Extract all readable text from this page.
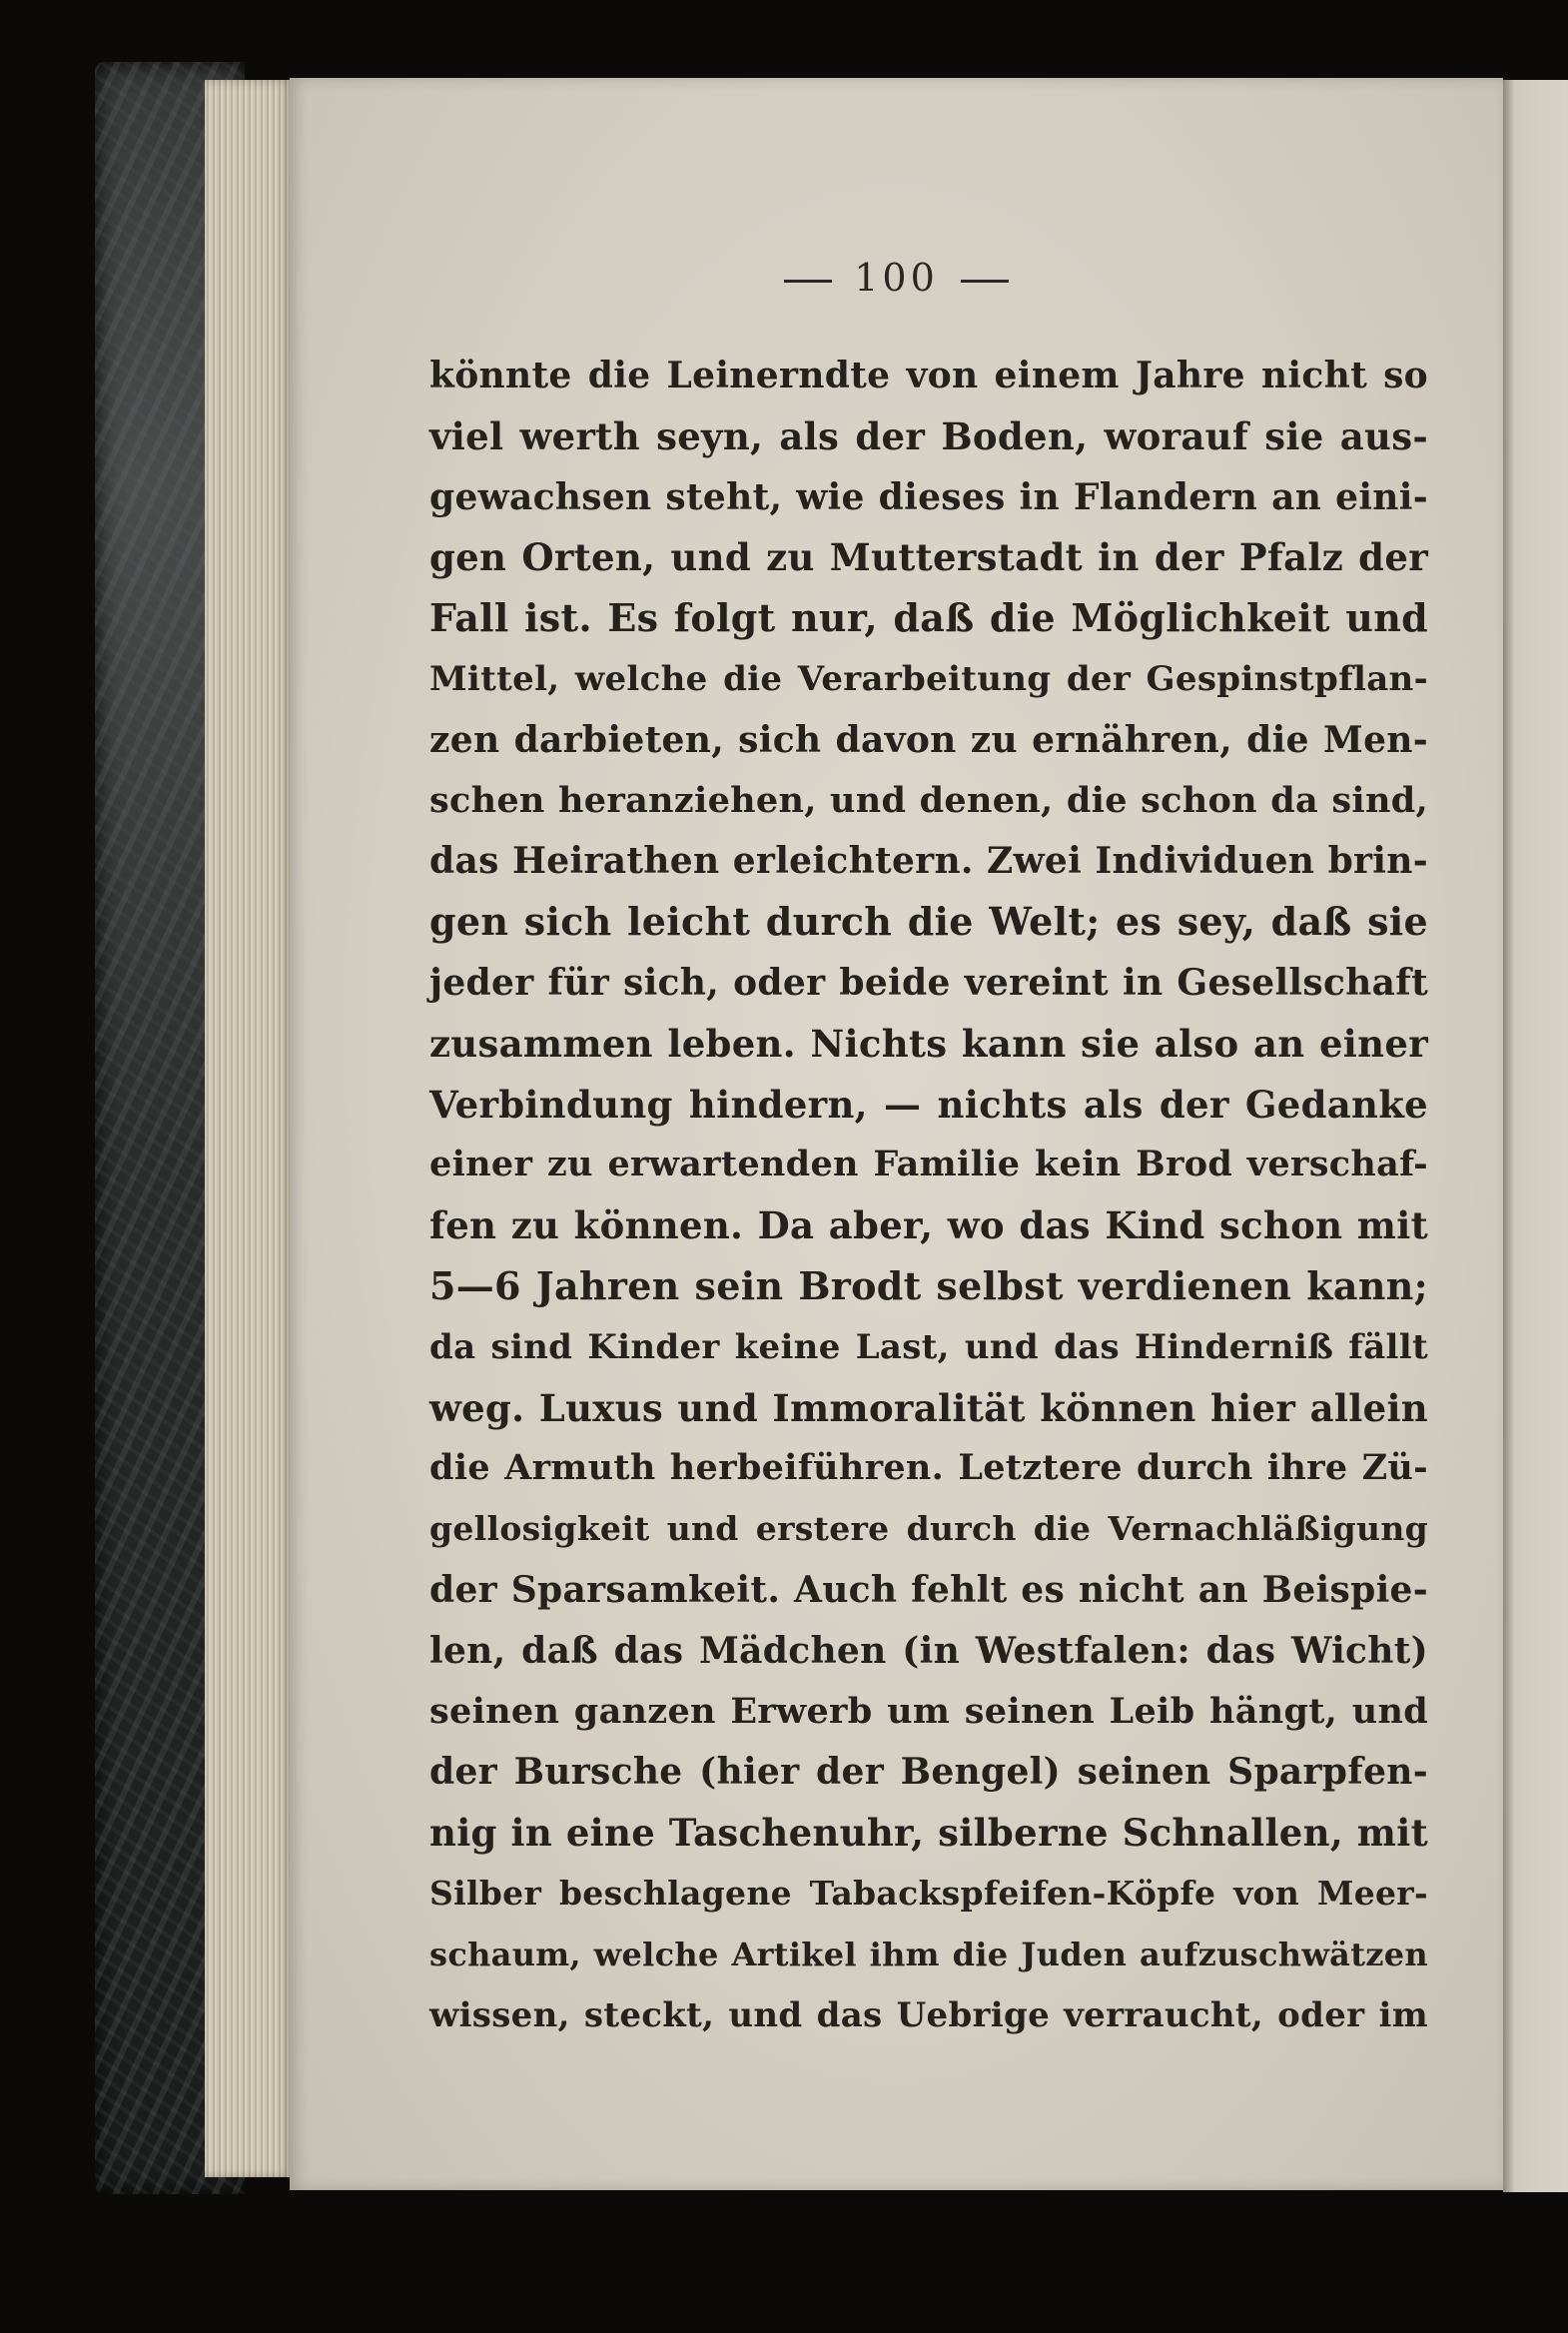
100
könnte die Leinerndte von einem Jahre nicht so
viel werth seyn, als der Boden, worauf sie aus-
gewachsen steht, wie dieses in Flandern an eini-
gen Orten, und zu Mutterstadt in der Pfalz der
Fall ist. Es folgt nur, daß die Möglichkeit und
Mittel, welche die Verarbeitung der Gespinstpflan-
zen darbieten, sich davon zu ernähren, die Men-
schen heranziehen, und denen, die schon da sind,
das Heirathen erleichtern. Zwei Individuen brin-
gen sich leicht durch die Welt; es sey, daß sie
jeder für sich, oder beide vereint in Gesellschaft
zusammen leben. Nichts kann sie also an einer
Verbindung hindern, — nichts als der Gedanke
einer zu erwartenden Familie kein Brod verschaf-
fen zu können. Da aber, wo das Kind schon mit
5—6 Jahren sein Brodt selbst verdienen kann;
da sind Kinder keine Last, und das Hinderniß fällt
weg. Luxus und Immoralität können hier allein
die Armuth herbeiführen. Letztere durch ihre Zü-
gellosigkeit und erstere durch die Vernachläßigung
der Sparsamkeit. Auch fehlt es nicht an Beispie-
len, daß das Mädchen (in Westfalen: das Wicht)
seinen ganzen Erwerb um seinen Leib hängt, und
der Bursche (hier der Bengel) seinen Sparpfen-
nig in eine Taschenuhr, silberne Schnallen, mit
Silber beschlagene Tabackspfeifen-Köpfe von Meer-
schaum, welche Artikel ihm die Juden aufzuschwätzen
wissen, steckt, und das Uebrige verraucht, oder im
